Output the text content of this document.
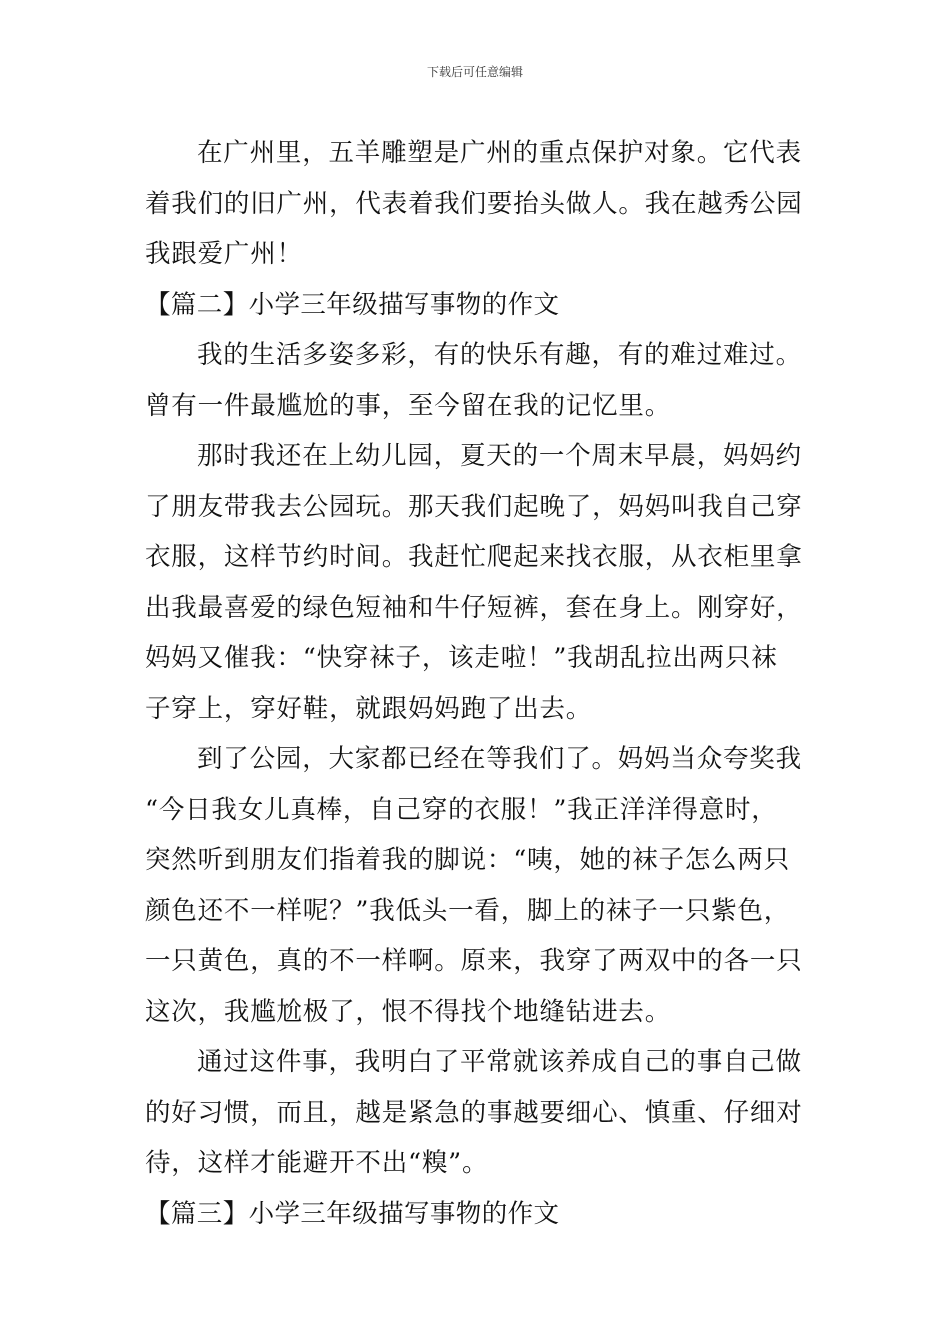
下载后可任意编辑
在广州里，五羊雕塑是广州的重点保护对象。它代表
着我们的旧广州，代表着我们要抬头做人。我在越秀公园
我跟爱广州！
【篇二】小学三年级描写事物的作文
我的生活多姿多彩，有的快乐有趣，有的难过难过。
曾有一件最尴尬的事，至今留在我的记忆里。
那时我还在上幼儿园，夏天的一个周末早晨，妈妈约
了朋友带我去公园玩。那天我们起晚了，妈妈叫我自己穿
衣服，这样节约时间。我赶忙爬起来找衣服，从衣柜里拿
出我最喜爱的绿色短袖和牛仔短裤，套在身上。刚穿好，
妈妈又催我：“快穿袜子，该走啦！”我胡乱拉出两只袜
子穿上，穿好鞋，就跟妈妈跑了出去。
到了公园，大家都已经在等我们了。妈妈当众夸奖我
“今日我女儿真棒，自己穿的衣服！”我正洋洋得意时，
突然听到朋友们指着我的脚说：“咦，她的袜子怎么两只
颜色还不一样呢？”我低头一看，脚上的袜子一只紫色，
一只黄色，真的不一样啊。原来，我穿了两双中的各一只
这次，我尴尬极了，恨不得找个地缝钻进去。
通过这件事，我明白了平常就该养成自己的事自己做
的好习惯，而且，越是紧急的事越要细心、慎重、仔细对
待，这样才能避开不出“糗”。
【篇三】小学三年级描写事物的作文
